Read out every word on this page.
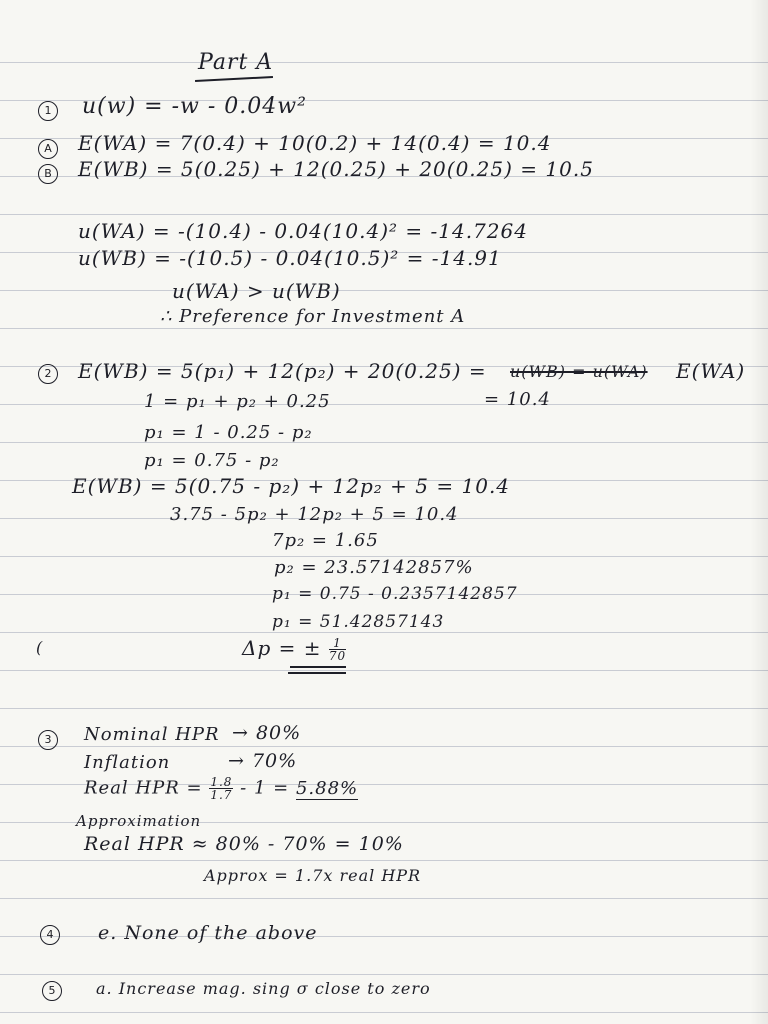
Part A
1 u(w) = -w - 0.04w²
A	E(WA) = 7(0.4) + 10(0.2) + 14(0.4) = 10.4
B	E(WB) = 5(0.25) + 12(0.25) + 20(0.25) = 10.5
u(WA) = -(10.4) - 0.04(10.4)² = -14.7264
u(WB) = -(10.5) - 0.04(10.5)² = -14.91
u(WA) > u(WB)
∴ Preference for Investment A
2	E(WB) = 5(p₁) + 12(p₂) + 20(0.25) = u(WB) = u(WA) E(WA)
= 10.4
1 = p₁ + p₂ + 0.25
p₁ = 1 - 0.25 - p₂
p₁ = 0.75 - p₂
E(WB) = 5(0.75 - p₂) + 12p₂ + 5 = 10.4
3.75 - 5p₂ + 12p₂ + 5 = 10.4
7p₂ = 1.65
p₂ = 23.57142857%
p₁ = 0.75 - 0.2357142857
p₁ = 51.42857143
(	Δp = ± $\frac{1}{70}$
3	Nominal HPR → 80%
Inflation	→ 70%
Real HPR = $\frac{1.8}{1.7} - 1 = 5.88\%$
Approximation
Real HPR ≈ 80% - 70% = 10%
Approx = 1.7x real HPR
4	e. None of the above
5	a. Increase mag. sing σ close to zero
